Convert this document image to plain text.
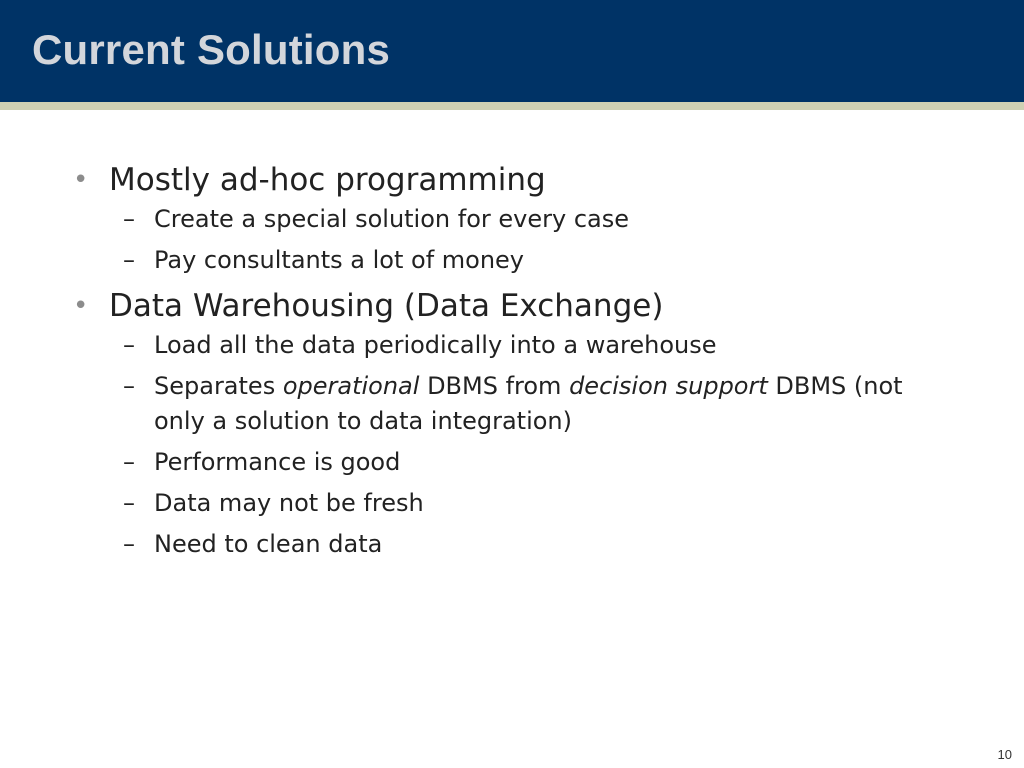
Current Solutions
• Mostly ad-hoc programming
– Create a special solution for every case
– Pay consultants a lot of money
• Data Warehousing (Data Exchange)
– Load all the data periodically into a warehouse
– Separates operational DBMS from decision support DBMS (not only a solution to data integration)
– Performance is good
– Data may not be fresh
– Need to clean data
10
